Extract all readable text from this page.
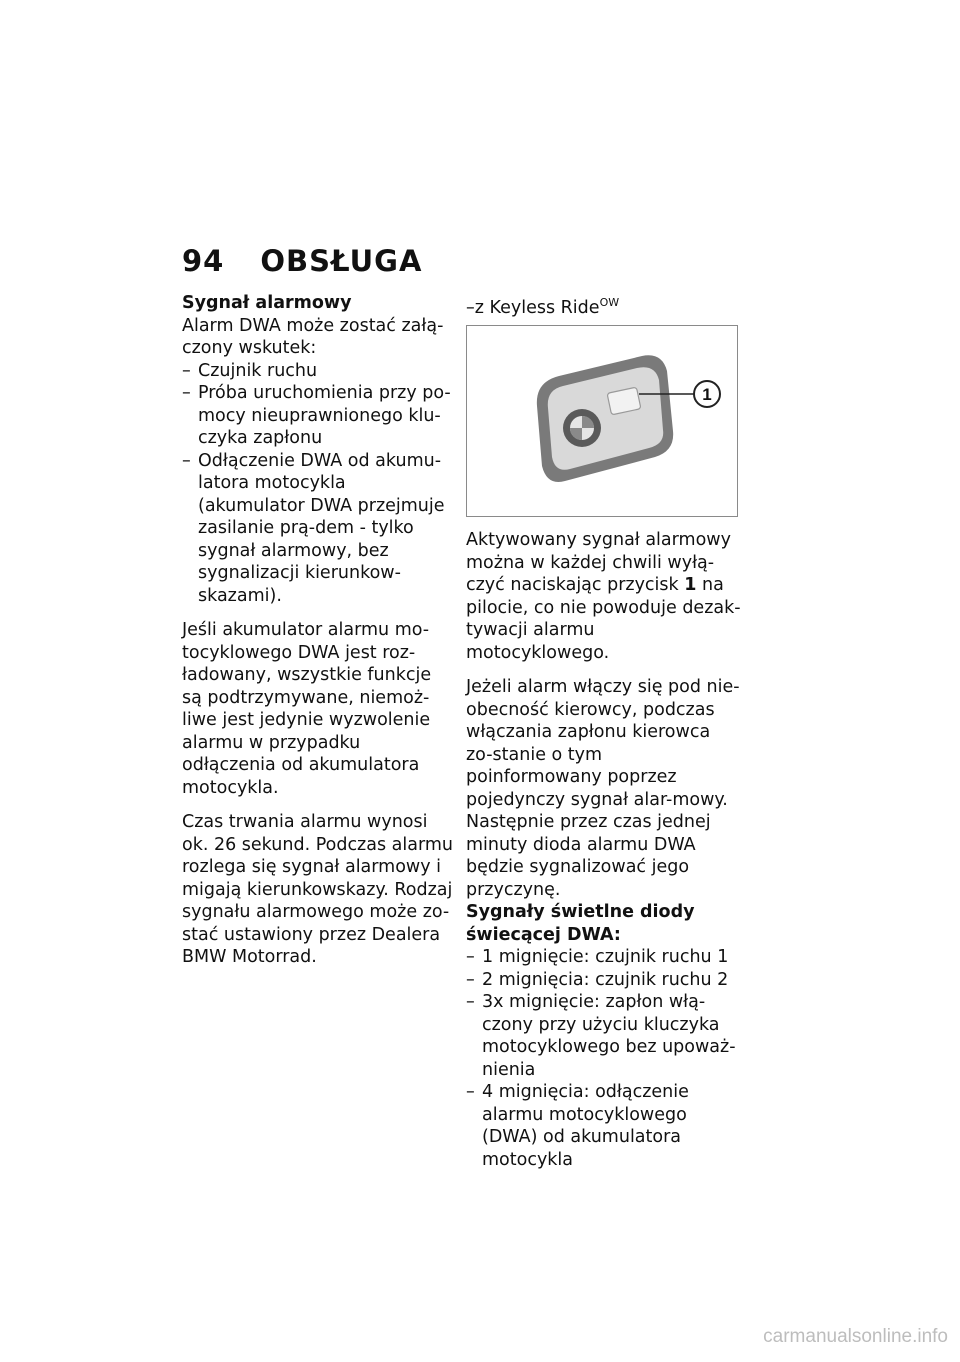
94 OBSŁUGA
Sygnał alarmowy

Alarm DWA może zostać załą-czony wskutek:

– Czujnik ruchu
– Próba uruchomienia przy po-mocy nieuprawnionego klu-czyka zapłonu
– Odłączenie DWA od akumu-latora motocykla (akumulator DWA przejmuje zasilanie prą-dem - tylko sygnał alarmowy, bez sygnalizacji kierunkow-skazami).

Jeśli akumulator alarmu mo-tocyklowego DWA jest roz-ładowany, wszystkie funkcje są podtrzymywane, niemoż-liwe jest jedynie wyzwolenie alarmu w przypadku odłączenia od akumulatora motocykla.

Czas trwania alarmu wynosi ok. 26 sekund. Podczas alarmu rozlega się sygnał alarmowy i migają kierunkowskazy. Rodzaj sygnału alarmowego może zo-stać ustawiony przez Dealera BMW Motorrad.

–z Keyless Ride$^{OW}$
1

Aktywowany sygnał alarmowy można w każdej chwili wyłą-czyć naciskając przycisk 1 na pilocie, co nie powoduje dezak-tywacji alarmu motocyklowego.

Jeżeli alarm włączy się pod nie-obecność kierowcy, podczas włączania zapłonu kierowca zo-stanie o tym poinformowany poprzez pojedynczy sygnał alar-mowy. Następnie przez czas jednej minuty dioda alarmu DWA będzie sygnalizować jego przyczynę.

Sygnały świetlne diody świecącej DWA:
– 1 mignięcie: czujnik ruchu 1
– 2 mignięcia: czujnik ruchu 2
– 3x mignięcie: zapłon włą-czony przy użyciu kluczyka motocyklowego bez upoważ-nienia
– 4 mignięcia: odłączenie alarmu motocyklowego (DWA) od akumulatora motocykla
carmanualsonline.info
